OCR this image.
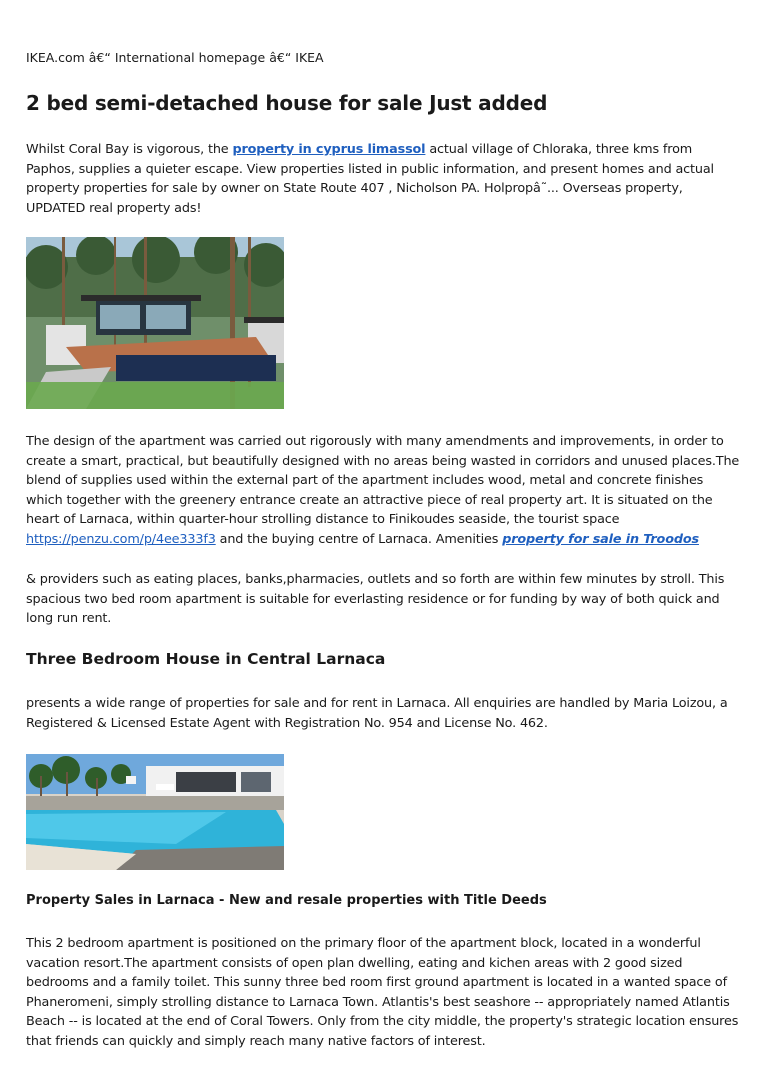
IKEA.com â€“ International homepage â€“ IKEA
2 bed semi-detached house for sale Just added

Whilst Coral Bay is vigorous, the property in cyprus limassol actual village of Chloraka, three kms from Paphos, supplies a quieter escape. View properties listed in public information, and present homes and actual property properties for sale by owner on State Route 407 , Nicholson PA. Holpropâ˜... Overseas property, UPDATED real property ads!

The design of the apartment was carried out rigorously with many amendments and improvements, in order to create a smart, practical, but beautifully designed with no areas being wasted in corridors and unused places.The blend of supplies used within the external part of the apartment includes wood, metal and concrete finishes which together with the greenery entrance create an attractive piece of real property art. It is situated on the heart of Larnaca, within quarter-hour strolling distance to Finikoudes seaside, the tourist space https://penzu.com/p/4ee333f3 and the buying centre of Larnaca. Amenities property for sale in Troodos

& providers such as eating places, banks,pharmacies, outlets and so forth are within few minutes by stroll. This spacious two bed room apartment is suitable for everlasting residence or for funding by way of both quick and long run rent.

Three Bedroom House in Central Larnaca

presents a wide range of properties for sale and for rent in Larnaca. All enquiries are handled by Maria Loizou, a Registered & Licensed Estate Agent with Registration No. 954 and License No. 462.

Property Sales in Larnaca - New and resale properties with Title Deeds

This 2 bedroom apartment is positioned on the primary floor of the apartment block, located in a wonderful vacation resort.The apartment consists of open plan dwelling, eating and kichen areas with 2 good sized bedrooms and a family toilet. This sunny three bed room first ground apartment is located in a wanted space of Phaneromeni, simply strolling distance to Larnaca Town. Atlantis's best seashore -- appropriately named Atlantis Beach -- is located at the end of Coral Towers. Only from the city middle, the property's strategic location ensures that friends can quickly and simply reach many native factors of interest.
